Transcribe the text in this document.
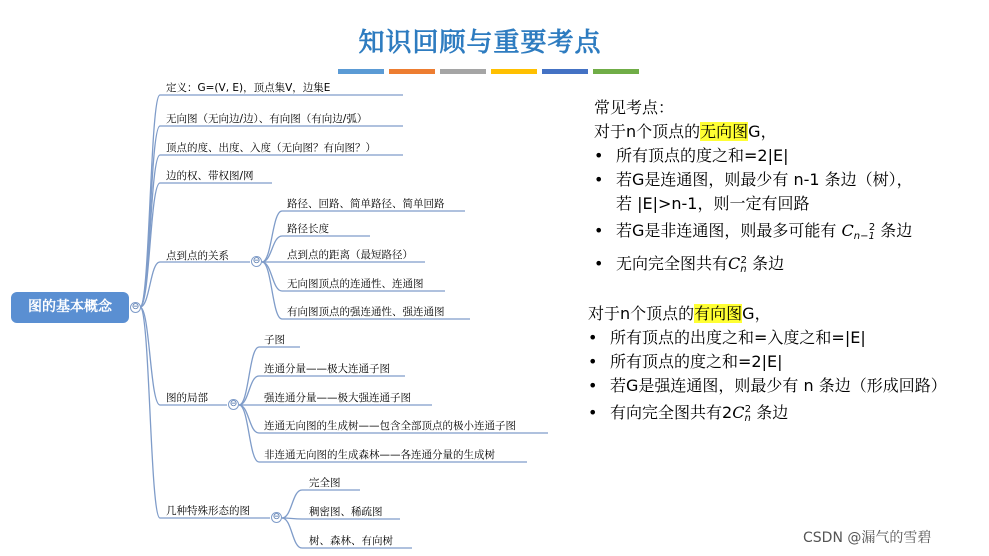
知识回顾与重要考点
图的基本概念	⊖
定义：G=(V, E)，顶点集V，边集E
无向图（无向边/边）、有向图（有向边/弧）
顶点的度、出度、入度（无向图？有向图？）
边的权、带权图/网
点到点的关系	⊖
图的局部 ⊖
几种特殊形态的图	⊖
路径、回路、简单路径、简单回路
路径长度
点到点的距离（最短路径）
无向图顶点的连通性、连通图
有向图顶点的强连通性、强连通图
子图
连通分量——极大连通子图
强连通分量——极大强连通子图
连通无向图的生成树——包含全部顶点的极小连通子图
非连通无向图的生成森林——各连通分量的生成树
完全图
稠密图、稀疏图
树、森林、有向树
常见考点：
对于n个顶点的无向图G，
• 所有顶点的度之和=2|E|
• 若G是连通图，则最少有 n-1 条边（树），
若 |E|>n-1，则一定有回路
• 若G是非连通图，则最多可能有 $C_{n-1}^2$ 条边
• 无向完全图共有$C_n^2$ 条边
对于n个顶点的有向图G，
• 所有顶点的出度之和=入度之和=|E|
• 所有顶点的度之和=2|E|
• 若G是强连通图，则最少有 n 条边（形成回路）
• 有向完全图共有$2C_n^2$ 条边
CSDN @漏气的雪碧
